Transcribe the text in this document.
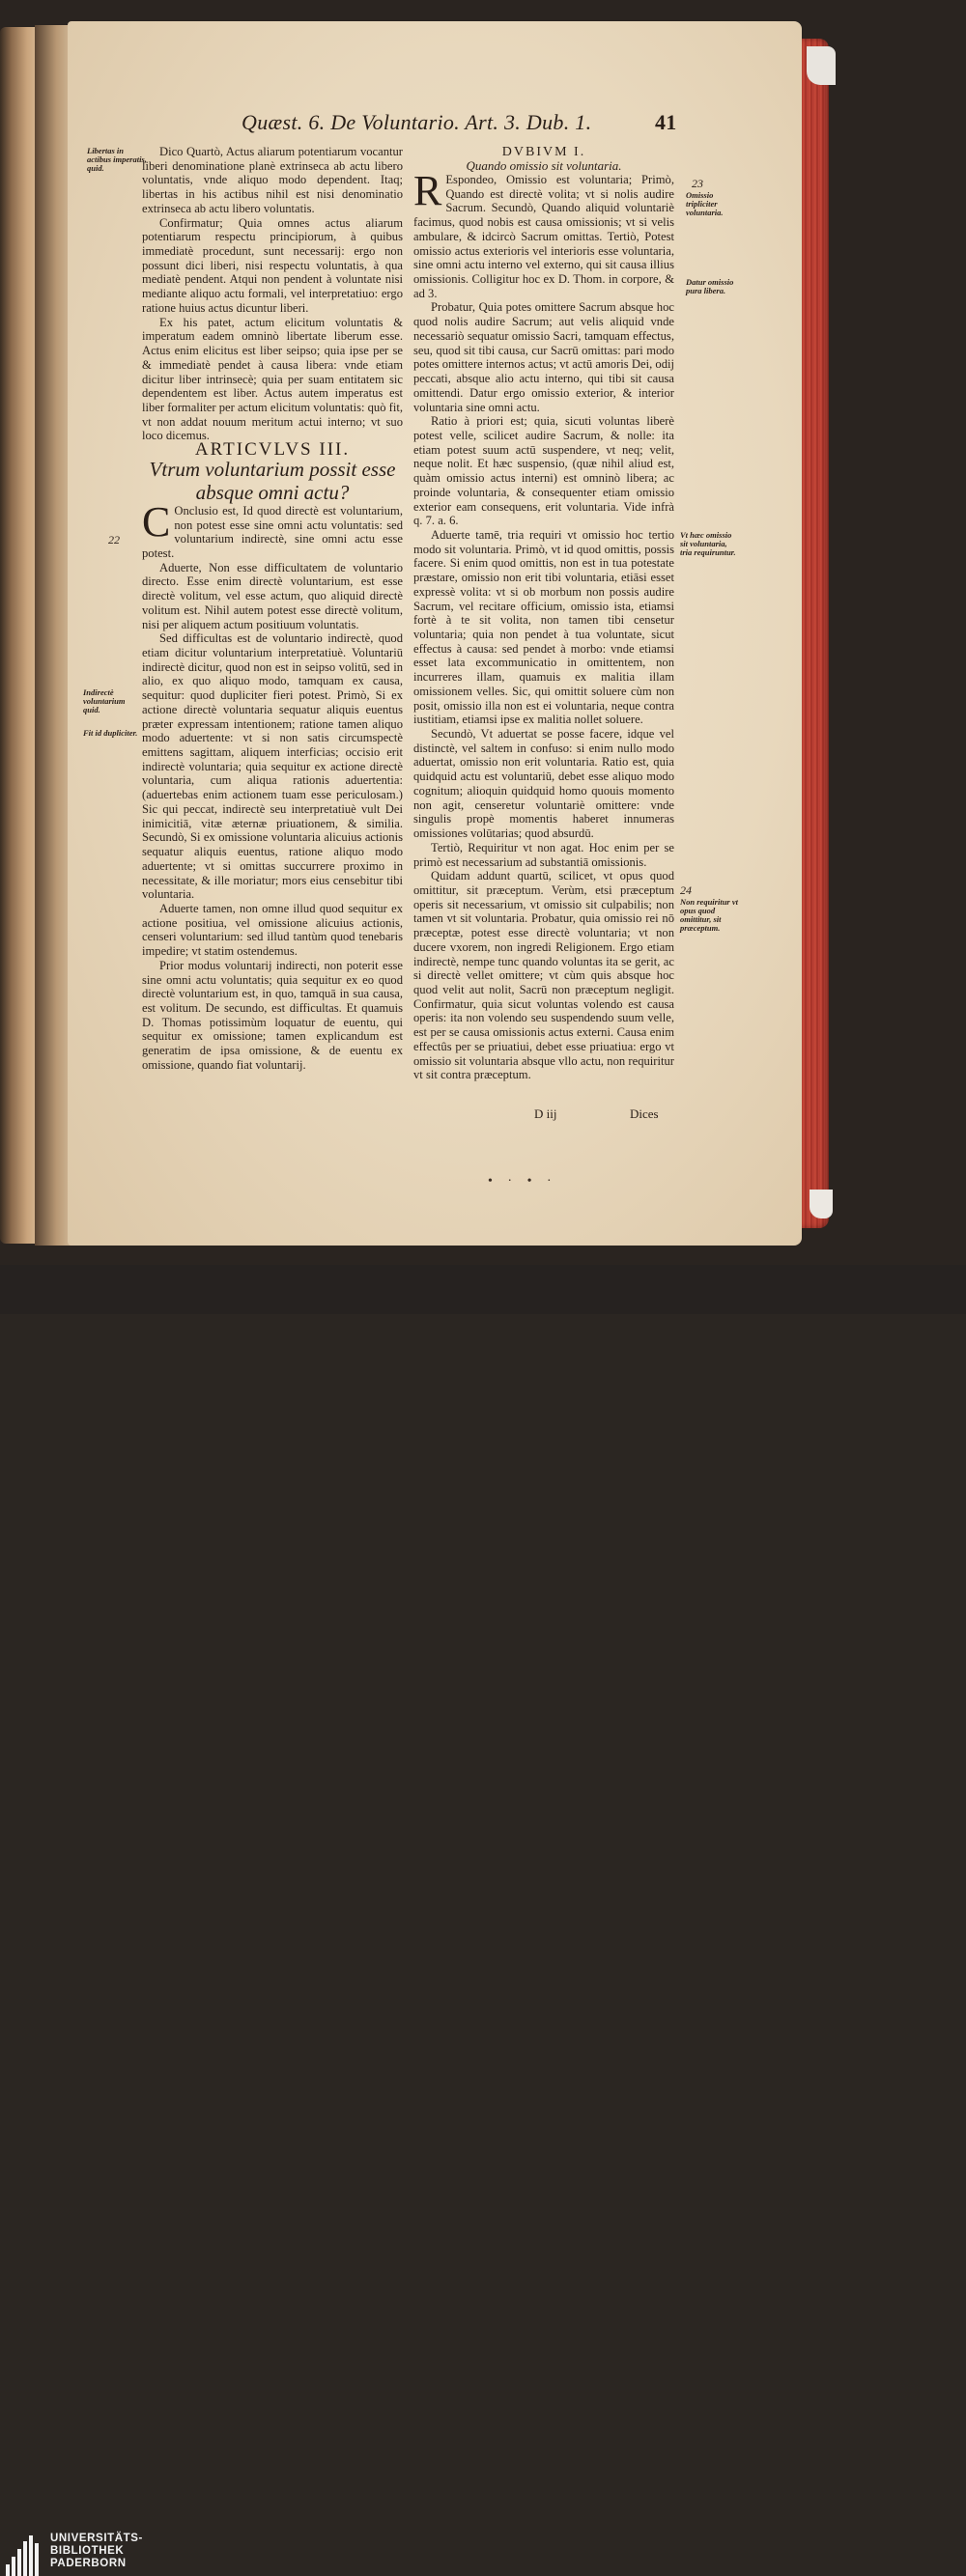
Quæst. 6. De Voluntario. Art. 3. Dub. 1.	41

Dico Quartò, Actus aliarum potentiarum vocantur liberi denominatione planè extrinseca ab actu libero voluntatis, vnde aliquo modo dependent. Itaq; libertas in his actibus nihil est nisi denominatio extrinseca ab actu libero voluntatis.

Confirmatur; Quia omnes actus aliarum potentiarum respectu principiorum, à quibus immediatè procedunt, sunt necessarij: ergo non possunt dici liberi, nisi respectu voluntatis, à qua mediatè pendent. Atqui non pendent à voluntate nisi mediante aliquo actu formali, vel interpretatiuo: ergo ratione huius actus dicuntur liberi.

Ex his patet, actum elicitum voluntatis & imperatum eadem omninò libertate liberum esse. Actus enim elicitus est liber seipso; quia ipse per se & immediatè pendet à causa libera: vnde etiam dicitur liber intrinsecè; quia per suam entitatem sic dependentem est liber. Actus autem imperatus est liber formaliter per actum elicitum voluntatis: quò fit, vt non addat nouum meritum actui interno; vt suo loco dicemus.

ARTICVLVS III.

Vtrum voluntarium possit esse absque omni actu?

C Onclusio est, Id quod directè est voluntarium, non potest esse sine omni actu voluntatis: sed voluntarium indirectè, sine omni actu esse potest.

Aduerte, Non esse difficultatem de voluntario directo. Esse enim directè voluntarium, est esse directè volitum, vel esse actum, quo aliquid directè volitum est. Nihil autem potest esse directè volitum, nisi per aliquem actum positiuum voluntatis.

Sed difficultas est de voluntario indirectè, quod etiam dicitur voluntarium interpretatiuè. Voluntariū indirectè dicitur, quod non est in seipso volitū, sed in alio, ex quo aliquo modo, tamquam ex causa, sequitur: quod dupliciter fieri potest. Primò, Si ex actione directè voluntaria sequatur aliquis euentus præter expressam intentionem; ratione tamen aliquo modo aduertente: vt si non satis circumspectè emittens sagittam, aliquem interficias; occisio erit indirectè voluntaria; quia sequitur ex actione directè voluntaria, cum aliqua rationis aduertentia: (aduertebas enim actionem tuam esse periculosam.) Sic qui peccat, indirectè seu interpretatiuè vult Dei inimicitiā, vitæ æternæ priuationem, & similia. Secundò, Si ex omissione voluntaria alicuius actionis sequatur aliquis euentus, ratione aliquo modo aduertente; vt si omittas succurrere proximo in necessitate, & ille moriatur; mors eius censebitur tibi voluntaria.

Aduerte tamen, non omne illud quod sequitur ex actione positiua, vel omissione alicuius actionis, censeri voluntarium: sed illud tantùm quod tenebaris impedire; vt statim ostendemus.

Prior modus voluntarij indirecti, non poterit esse sine omni actu voluntatis; quia sequitur ex eo quod directè voluntarium est, in quo, tamquā in sua causa, est volitum. De secundo, est difficultas. Et quamuis D. Thomas potissimùm loquatur de euentu, qui sequitur ex omissione; tamen explicandum est generatim de ipsa omissione, & de euentu ex omissione, quando fiat voluntarij.

DVBIVM I.

Quando omissio sit voluntaria.

R Espondeo, Omissio est voluntaria; Primò, Quando est directè volita; vt si nolis audire Sacrum. Secundò, Quando aliquid voluntariè facimus, quod nobis est causa omissionis; vt si velis ambulare, & idcircò Sacrum omittas. Tertiò, Potest omissio actus exterioris vel interioris esse voluntaria, sine omni actu interno vel externo, qui sit causa illius omissionis. Colligitur hoc ex D. Thom. in corpore, & ad 3.

Probatur, Quia potes omittere Sacrum absque hoc quod nolis audire Sacrum; aut velis aliquid vnde necessariò sequatur omissio Sacri, tamquam effectus, seu, quod sit tibi causa, cur Sacrū omittas: pari modo potes omittere internos actus; vt actū amoris Dei, odij peccati, absque alio actu interno, qui tibi sit causa omittendi. Datur ergo omissio exterior, & interior voluntaria sine omni actu.

Ratio à priori est; quia, sicuti voluntas liberè potest velle, scilicet audire Sacrum, & nolle: ita etiam potest suum actū suspendere, vt neq; velit, neque nolit. Et hæc suspensio, (quæ nihil aliud est, quàm omissio actus interni) est omninò libera; ac proinde voluntaria, & consequenter etiam omissio exterior eam consequens, erit voluntaria. Vide infrà q. 7. a. 6.

Aduerte tamē, tria requiri vt omissio hoc tertio modo sit voluntaria. Primò, vt id quod omittis, possis facere. Si enim quod omittis, non est in tua potestate præstare, omissio non erit tibi voluntaria, etiāsi esset expressè volita: vt si ob morbum non possis audire Sacrum, vel recitare officium, omissio ista, etiamsi fortè à te sit volita, non tamen tibi censetur voluntaria; quia non pendet à tua voluntate, sicut effectus à causa: sed pendet à morbo: vnde etiamsi esset lata excommunicatio in omittentem, non incurreres illam, quamuis ex malitia illam omissionem velles. Sic, qui omittit soluere cùm non posit, omissio illa non est ei voluntaria, neque contra iustitiam, etiamsi ipse ex malitia nollet soluere.

Secundò, Vt aduertat se posse facere, idque vel distinctè, vel saltem in confuso: si enim nullo modo aduertat, omissio non erit voluntaria. Ratio est, quia quidquid actu est voluntariū, debet esse aliquo modo cognitum; alioquin quidquid homo quouis momento non agit, censeretur voluntariè omittere: vnde singulis propè momentis haberet innumeras omissiones volūtarias; quod absurdū.

Tertiò, Requiritur vt non agat. Hoc enim per se primò est necessarium ad substantiā omissionis.

Quidam addunt quartū, scilicet, vt opus quod omittitur, sit præceptum. Verùm, etsi præceptum operis sit necessarium, vt omissio sit culpabilis; non tamen vt sit voluntaria. Probatur, quia omissio rei nō præceptæ, potest esse directè voluntaria; vt non ducere vxorem, non ingredi Religionem. Ergo etiam indirectè, nempe tunc quando voluntas ita se gerit, ac si directè vellet omittere; vt cùm quis absque hoc quod velit aut nolit, Sacrū non præceptum negligit. Confirmatur, quia sicut voluntas volendo est causa operis: ita non volendo seu suspendendo suum velle, est per se causa omissionis actus externi. Causa enim effectûs per se priuatiui, debet esse priuatiua: ergo vt omissio sit voluntaria absque vllo actu, non requiritur vt sit contra præceptum.

Libertas in actibus imperatis, quid.
22
Indirectè voluntarium quid.
Fit id dupliciter.
23
Omissio tripliciter voluntaria.
Datur omissio pura libera.
Vt hæc omissio sit voluntaria, tria requiruntur.
24
Non requiritur vt opus quod omittitur, sit præceptum.
D iij	Dices
• · • ·
UNIVERSITÄTS-
BIBLIOTHEK
PADERBORN
